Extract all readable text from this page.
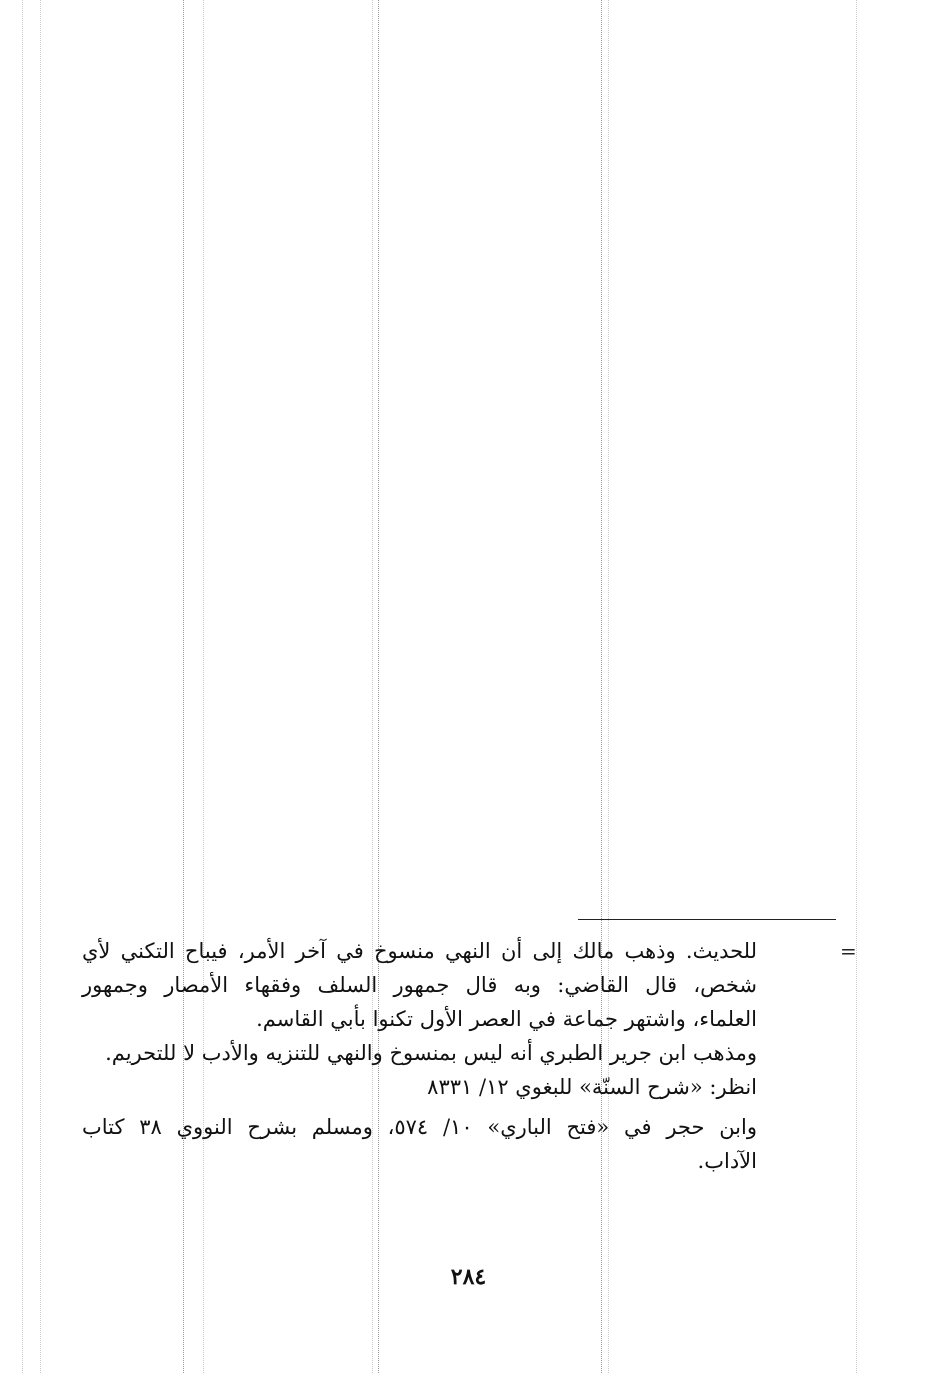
=
للحديث. وذهب مالك إلى أن النهي منسوخ في آخر الأمر، فيباح التكني لأي
شخص، قال القاضي: وبه قال جمهور السلف وفقهاء الأمصار وجمهور
العلماء، واشتهر جماعة في العصر الأول تكنوا بأبي القاسم.
ومذهب ابن جرير الطبري أنه ليس بمنسوخ والنهي للتنزيه والأدب لا للتحريم.
انظر: «شرح السنّة» للبغوي ١٢/ ٨٣٣١
وابن حجر في «فتح الباري» ١٠/ ٥٧٤، ومسلم بشرح النووي ٣٨ كتاب
الآداب.
٢٨٤
